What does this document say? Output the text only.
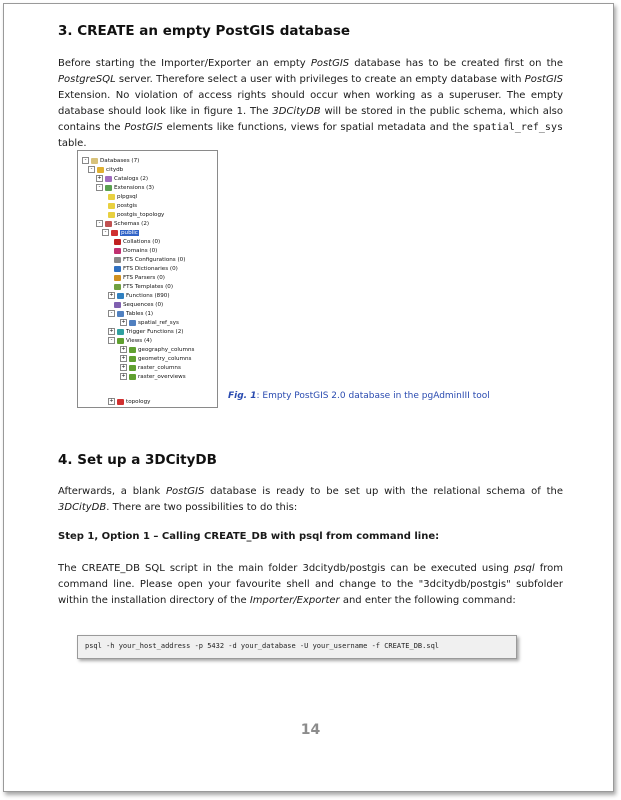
3. CREATE an empty PostGIS database
Before starting the Importer/Exporter an empty PostGIS database has to be created first on the PostgreSQL server. Therefore select a user with privileges to create an empty database with PostGIS Extension. No violation of access rights should occur when working as a superuser. The empty database should look like in figure 1. The 3DCityDB will be stored in the public schema, which also contains the PostGIS elements like functions, views for spatial metadata and the spatial_ref_sys table.
- Databases (7)
- citydb
+ Catalogs (2)
- Extensions (3)
plpgsql
postgis
postgis_topology
- Schemas (2)
-	public
Collations (0)
Domains (0)
FTS Configurations (0)
FTS Dictionaries (0)
FTS Parsers (0)
FTS Templates (0)
+ Functions (890)
Sequences (0)
- Tables (1)
+ spatial_ref_sys
+ Trigger Functions (2)
- Views (4)
+ geography_columns
+ geometry_columns
+ raster_columns
+ raster_overviews
+ topology
Fig. 1: Empty PostGIS 2.0 database in the pgAdminIII tool
4. Set up a 3DCityDB
Afterwards, a blank PostGIS database is ready to be set up with the relational schema of the 3DCityDB. There are two possibilities to do this:
Step 1, Option 1 – Calling CREATE_DB with psql from command line:
The CREATE_DB SQL script in the main folder 3dcitydb/postgis can be executed using psql from command line. Please open your favourite shell and change to the "3dcitydb/postgis" subfolder within the installation directory of the Importer/Exporter and enter the following command:
psql -h your_host_address -p 5432 -d your_database -U your_username -f CREATE_DB.sql
14
